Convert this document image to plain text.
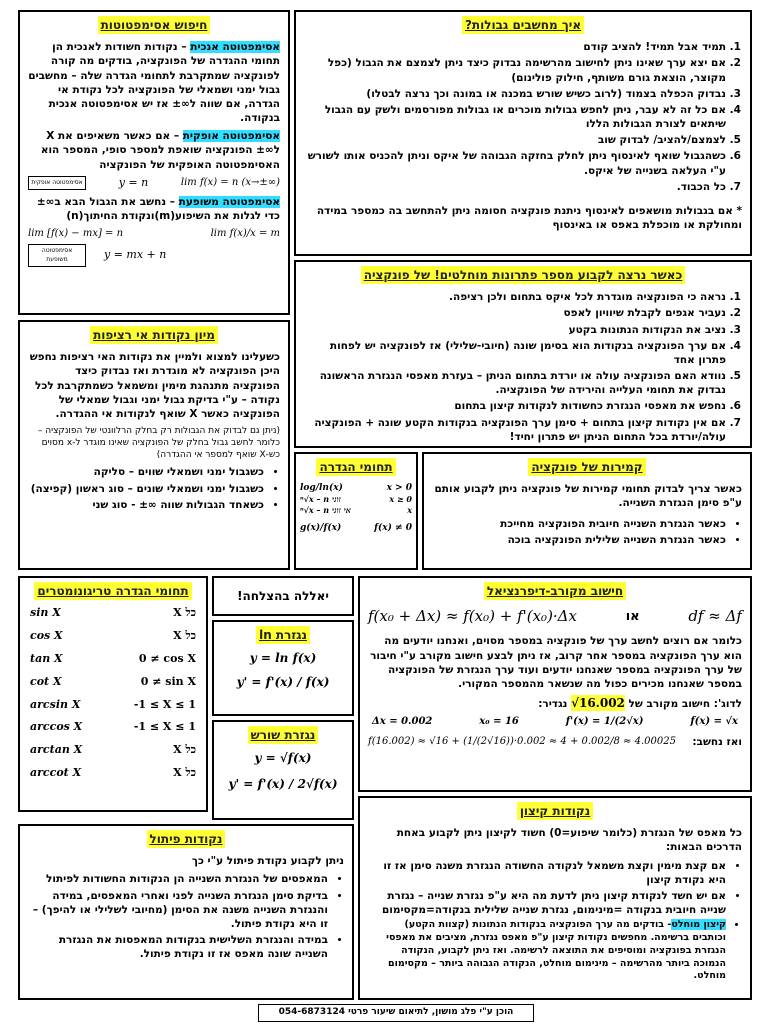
חיפוש אסימפטוטות

אסימפטוטה אנכית – נקודות חשודות לאנכית הן תחומי ההגדרה של הפונקציה, בודקים מה קורה לפונקציה שמתקרבת לתחומי הגדרה שלה – מחשבים גבול ימני ושמאלי של הפונקציה לכל נקודת אי הגדרה, אם שווה ל∞± אז יש אסימפטוטה אנכית בנקודה.

אסימפטוטה אופקית – אם כאשר משאיפים את X ל∞± הפונקציה שואפת למספר סופי, המספר הוא האסימפטוטה האופקית של הפונקציה

אסימפטוטה אופקית	y = n	lim f(x) = n (x→±∞)

אסימפטוטה משופעת – נחשב את הגבול הבא ב∞± כדי לגלות את השיפוע(m)ונקודת החיתוך(n)

lim [f(x) − mx] = n	lim f(x)/x = m
אסימפטוטה משופעת	y = mx + n
איך מחשבים גבולות?
1. תמיד אבל תמיד! להציב קודם
2. אם יצא ערך שאינו ניתן לחישוב מהרשימה נבדוק כיצד ניתן לצמצם את הגבול (כפל מקוצר, הוצאת גורם משותף, חילוק פולינום)
3. נבדוק הכפלה בצמוד (לרוב כשיש שורש במכנה או במונה וכך נרצה לבטלו)
4. אם כל זה לא עבר, ניתן לחפש גבולות מוכרים או גבולות מפורסמים ולשק עם הגבול שיתאים לצורת הגבולות הללו
5. לצמצם/להציב/ לבדוק שוב
6. כשהגבול שואף לאינסוף ניתן לחלק בחזקה הגבוהה של איקס וניתן להכניס אותו לשורש ע"י העלאה בשנייה של איקס.
7. כל הכבוד.

* אם בגבולות מושאפים לאינסוף ניתנת פונקציה חסומה ניתן להתחשב בה כמספר במידה ומחולקת או מוכפלת באפס או באינסוף

כאשר נרצה לקבוע מספר פתרונות מוחלטים! של פונקציה
1. נראה כי הפונקציה מוגדרת לכל איקס בתחום ולכן רציפה.
2. נעביר אגפים לקבלת שיוויון לאפס
3. נציב את הנקודות הנתונות בקטע
4. אם ערך הפונקציה בנקודות הוא בסימן שונה (חיובי-שלילי) אז לפונקציה יש לפחות פתרון אחד
5. נוודא האם הפונקציה עולה או יורדת בתחום הניתן – בעזרת מאפסי הנגזרת הראשונה נבדוק את תחומי העלייה והירידה של הפונקציה.
6. נחפש את מאפסי הנגזרת כחשודות לנקודות קיצון בתחום
7. אם אין נקודות קיצון בתחום + סימן ערך הפונקציה בנקודות הקטע שונה + הפונקציה עולה/יורדת בכל התחום הניתן יש פתרון יחיד!
מיון נקודות אי רציפות

כשעלינו למצוא ולמיין את נקודות האי רציפות נחפש היכן הפונקציה לא מוגדרת ואז נבדוק כיצד הפונקציה מתנהגת מימין ומשמאל כשמתקרבת לכל נקודה – ע"י בדיקת גבול ימני וגבול שמאלי של הפונקציה כאשר X שואף לנקודות אי ההגדרה.

(ניתן גם לבדוק את הגבולות רק בחלק הרלוונטי של הפונקציה – כלומר לחשב גבול בחלק של הפונקציה שאינו מוגדר ל-x מסוים כש-X שואף למספר אי ההגדרה)

• כשגבול ימני ושמאלי שווים – סליקה
• כשגבול ימני ושמאלי שונים – סוג ראשון (קפיצה)
• כשאחד הגבולות שווה ∞± - סוג שני
תחומי הגדרה
log/ln(x)	x > 0
ⁿ√x – n זוגי	x ≥ 0
ⁿ√x – n אי זוגי	x
g(x)/f(x)	f(x) ≠ 0
קמירות של פונקציה

כאשר צריך לבדוק תחומי קמירות של פונקציה ניתן לקבוע אותם ע"פ סימן הנגזרת השנייה.

• כאשר הנגזרת השנייה חיובית הפונקציה מחייכת
• כאשר הנגזרת השנייה שלילית הפונקציה בוכה
תחומי הגדרה טריגונומטרים
sin X	X כל
cos X	X כל
tan X	0 ≠ cos X
cot X	0 ≠ sin X
arcsin X	-1 ≤ X ≤ 1
arccos X	-1 ≤ X ≤ 1
arctan X	X כל
arccot X	X כל
יאללה בהצלחה!
נגזרת ln
y = ln f(x)
y' = f'(x) / f(x)
נגזרת שורש
y = √f(x)
y' = f'(x) / 2√f(x)
חישוב מקורב-דיפרנציאל
f(x₀ + Δx) ≈ f(x₀) + f'(x₀)·Δx	או	df ≈ Δf

כלומר אם רוצים לחשב ערך של פונקציה במספר מסוים, ואנחנו יודעים מה הוא ערך הפונקציה במספר אחר קרוב, אז ניתן לבצע חישוב מקורב ע"י חיבור של ערך הפונקציה במספר שאנחנו יודעים ועוד ערך הנגזרת של הפונקציה במספר שאנחנו מכירים כפול מה שנשאר מהמספר המקורי.

לדוג': חישוב מקורב של √16.002 נגדיר:

Δx = 0.002	x₀ = 16	f'(x) = 1/(2√x)	f(x) = √x
ואז נחשב:
f(16.002) ≈ √16 + (1/(2√16))·0.002 ≈ 4 + 0.002/8 ≈ 4.00025
נקודות קיצון

כל מאפס של הנגזרת (כלומר שיפוע=0) חשוד לקיצון ניתן לקבוע באחת הדרכים הבאות:

• אם קצת מימין וקצת משמאל לנקודה החשודה הנגזרת משנה סימן אז זו היא נקודת קיצון
• אם יש חשד לנקודת קיצון ניתן לדעת מה היא ע"פ נגזרת שנייה – נגזרת שנייה חיובית בנקודה =מינימום, נגזרת שנייה שלילית בנקודה=מקסימום
• קיצון מוחלט- בודקים מה ערך הפונקציה בנקודות הנתונות (קצוות הקטע) וכותבים ברשימה. מחפשים נקודות קיצון ע"פ מאפס נגזרת, מציבים את מאפסי הנגזרת בפונקציה ומוסיפים את התוצאה לרשימה. ואז ניתן לקבוע, הנקודה הנמוכה ביותר מהרשימה – מינימום מוחלט, הנקודה הגבוהה ביותר – מקסימום מוחלט.
נקודות פיתול

ניתן לקבוע נקודת פיתול ע"י כך

• המאפסים של הנגזרת השנייה הן הנקודות החשודות לפיתול
• בדיקת סימן הנגזרת השנייה לפני ואחרי המאפסים, במידה והנגזרת השנייה משנה את הסימן (מחיובי לשלילי או להיפך) – זו היא נקודת פיתול.
• במידה והנגזרת השלישית בנקודות המאפסות את הנגזרת השנייה שונה מאפס אז זו נקודת פיתול.
הוכן ע"י פלג מושון, לתיאום שיעור פרטי 054-6873124
